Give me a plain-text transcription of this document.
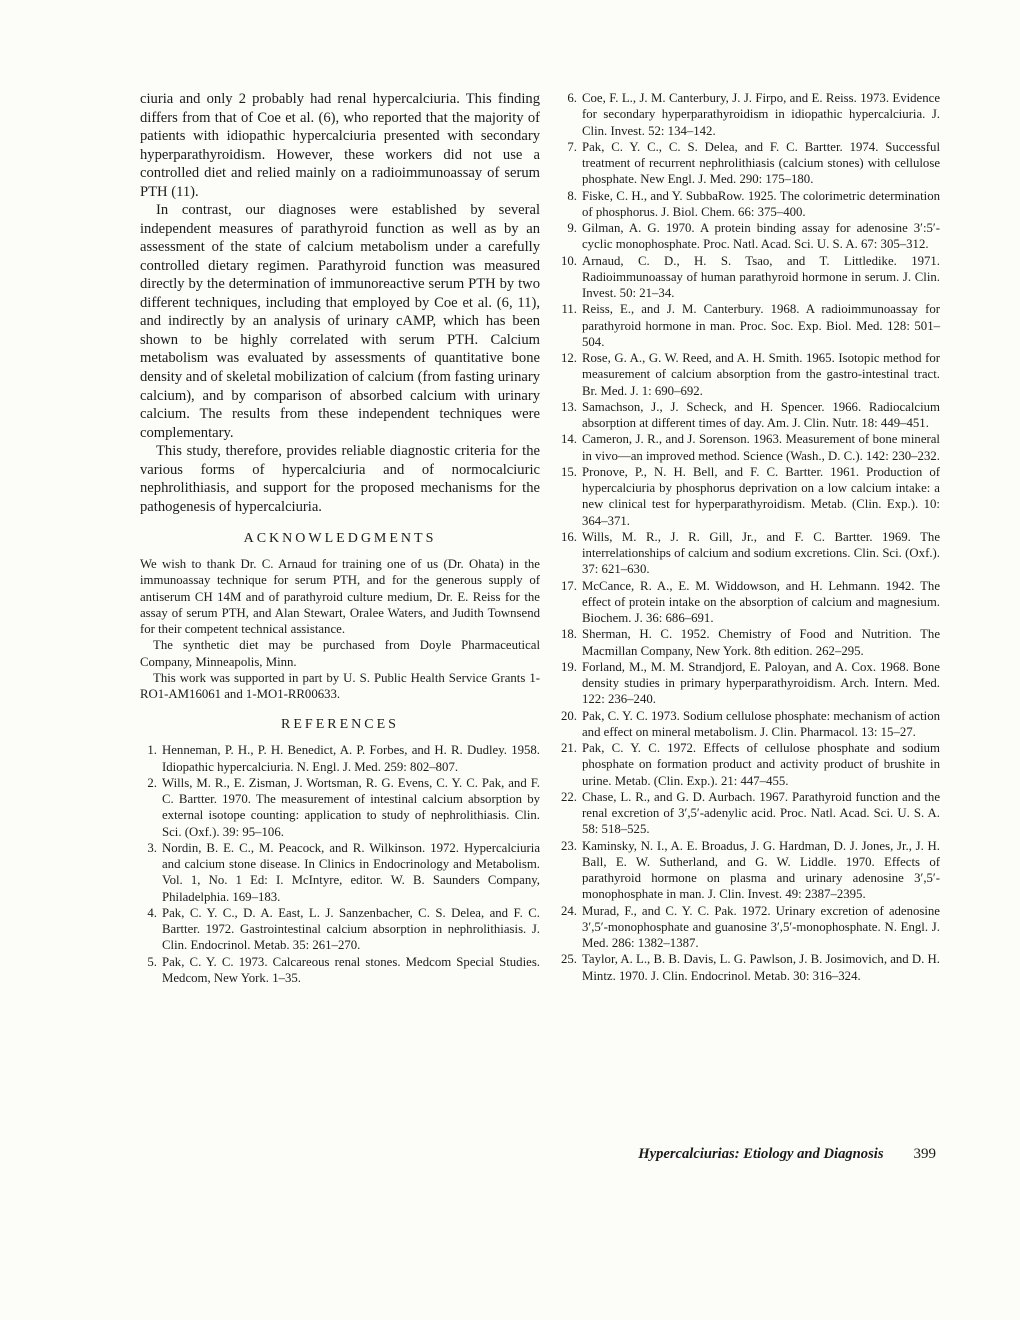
ciuria and only 2 probably had renal hypercalciuria. This finding differs from that of Coe et al. (6), who reported that the majority of patients with idiopathic hypercalciuria presented with secondary hyperparathyroidism. However, these workers did not use a controlled diet and relied mainly on a radioimmunoassay of serum PTH (11).

In contrast, our diagnoses were established by several independent measures of parathyroid function as well as by an assessment of the state of calcium metabolism under a carefully controlled dietary regimen. Parathyroid function was measured directly by the determination of immunoreactive serum PTH by two different techniques, including that employed by Coe et al. (6, 11), and indirectly by an analysis of urinary cAMP, which has been shown to be highly correlated with serum PTH. Calcium metabolism was evaluated by assessments of quantitative bone density and of skeletal mobilization of calcium (from fasting urinary calcium), and by comparison of absorbed calcium with urinary calcium. The results from these independent techniques were complementary.

This study, therefore, provides reliable diagnostic criteria for the various forms of hypercalciuria and of normocalciuric nephrolithiasis, and support for the proposed mechanisms for the pathogenesis of hypercalciuria.

ACKNOWLEDGMENTS

We wish to thank Dr. C. Arnaud for training one of us (Dr. Ohata) in the immunoassay technique for serum PTH, and for the generous supply of antiserum CH 14M and of parathyroid culture medium, Dr. E. Reiss for the assay of serum PTH, and Alan Stewart, Oralee Waters, and Judith Townsend for their competent technical assistance.

The synthetic diet may be purchased from Doyle Pharmaceutical Company, Minneapolis, Minn.

This work was supported in part by U. S. Public Health Service Grants 1-RO1-AM16061 and 1-MO1-RR00633.

REFERENCES
1. Henneman, P. H., P. H. Benedict, A. P. Forbes, and H. R. Dudley. 1958. Idiopathic hypercalciuria. N. Engl. J. Med. 259: 802–807.
2. Wills, M. R., E. Zisman, J. Wortsman, R. G. Evens, C. Y. C. Pak, and F. C. Bartter. 1970. The measurement of intestinal calcium absorption by external isotope counting: application to study of nephrolithiasis. Clin. Sci. (Oxf.). 39: 95–106.
3. Nordin, B. E. C., M. Peacock, and R. Wilkinson. 1972. Hypercalciuria and calcium stone disease. In Clinics in Endocrinology and Metabolism. Vol. 1, No. 1 Ed: I. McIntyre, editor. W. B. Saunders Company, Philadelphia. 169–183.
4. Pak, C. Y. C., D. A. East, L. J. Sanzenbacher, C. S. Delea, and F. C. Bartter. 1972. Gastrointestinal calcium absorption in nephrolithiasis. J. Clin. Endocrinol. Metab. 35: 261–270.
5. Pak, C. Y. C. 1973. Calcareous renal stones. Medcom Special Studies. Medcom, New York. 1–35.
6. Coe, F. L., J. M. Canterbury, J. J. Firpo, and E. Reiss. 1973. Evidence for secondary hyperparathyroidism in idiopathic hypercalciuria. J. Clin. Invest. 52: 134–142.
7. Pak, C. Y. C., C. S. Delea, and F. C. Bartter. 1974. Successful treatment of recurrent nephrolithiasis (calcium stones) with cellulose phosphate. New Engl. J. Med. 290: 175–180.
8. Fiske, C. H., and Y. SubbaRow. 1925. The colorimetric determination of phosphorus. J. Biol. Chem. 66: 375–400.
9. Gilman, A. G. 1970. A protein binding assay for adenosine 3′:5′-cyclic monophosphate. Proc. Natl. Acad. Sci. U. S. A. 67: 305–312.
10. Arnaud, C. D., H. S. Tsao, and T. Littledike. 1971. Radioimmunoassay of human parathyroid hormone in serum. J. Clin. Invest. 50: 21–34.
11. Reiss, E., and J. M. Canterbury. 1968. A radioimmunoassay for parathyroid hormone in man. Proc. Soc. Exp. Biol. Med. 128: 501–504.
12. Rose, G. A., G. W. Reed, and A. H. Smith. 1965. Isotopic method for measurement of calcium absorption from the gastro-intestinal tract. Br. Med. J. 1: 690–692.
13. Samachson, J., J. Scheck, and H. Spencer. 1966. Radiocalcium absorption at different times of day. Am. J. Clin. Nutr. 18: 449–451.
14. Cameron, J. R., and J. Sorenson. 1963. Measurement of bone mineral in vivo—an improved method. Science (Wash., D. C.). 142: 230–232.
15. Pronove, P., N. H. Bell, and F. C. Bartter. 1961. Production of hypercalciuria by phosphorus deprivation on a low calcium intake: a new clinical test for hyperparathyroidism. Metab. (Clin. Exp.). 10: 364–371.
16. Wills, M. R., J. R. Gill, Jr., and F. C. Bartter. 1969. The interrelationships of calcium and sodium excretions. Clin. Sci. (Oxf.). 37: 621–630.
17. McCance, R. A., E. M. Widdowson, and H. Lehmann. 1942. The effect of protein intake on the absorption of calcium and magnesium. Biochem. J. 36: 686–691.
18. Sherman, H. C. 1952. Chemistry of Food and Nutrition. The Macmillan Company, New York. 8th edition. 262–295.
19. Forland, M., M. M. Strandjord, E. Paloyan, and A. Cox. 1968. Bone density studies in primary hyperparathyroidism. Arch. Intern. Med. 122: 236–240.
20. Pak, C. Y. C. 1973. Sodium cellulose phosphate: mechanism of action and effect on mineral metabolism. J. Clin. Pharmacol. 13: 15–27.
21. Pak, C. Y. C. 1972. Effects of cellulose phosphate and sodium phosphate on formation product and activity product of brushite in urine. Metab. (Clin. Exp.). 21: 447–455.
22. Chase, L. R., and G. D. Aurbach. 1967. Parathyroid function and the renal excretion of 3′,5′-adenylic acid. Proc. Natl. Acad. Sci. U. S. A. 58: 518–525.
23. Kaminsky, N. I., A. E. Broadus, J. G. Hardman, D. J. Jones, Jr., J. H. Ball, E. W. Sutherland, and G. W. Liddle. 1970. Effects of parathyroid hormone on plasma and urinary adenosine 3′,5′-monophosphate in man. J. Clin. Invest. 49: 2387–2395.
24. Murad, F., and C. Y. C. Pak. 1972. Urinary excretion of adenosine 3′,5′-monophosphate and guanosine 3′,5′-monophosphate. N. Engl. J. Med. 286: 1382–1387.
25. Taylor, A. L., B. B. Davis, L. G. Pawlson, J. B. Josimovich, and D. H. Mintz. 1970. J. Clin. Endocrinol. Metab. 30: 316–324.
Hypercalciurias: Etiology and Diagnosis 399
